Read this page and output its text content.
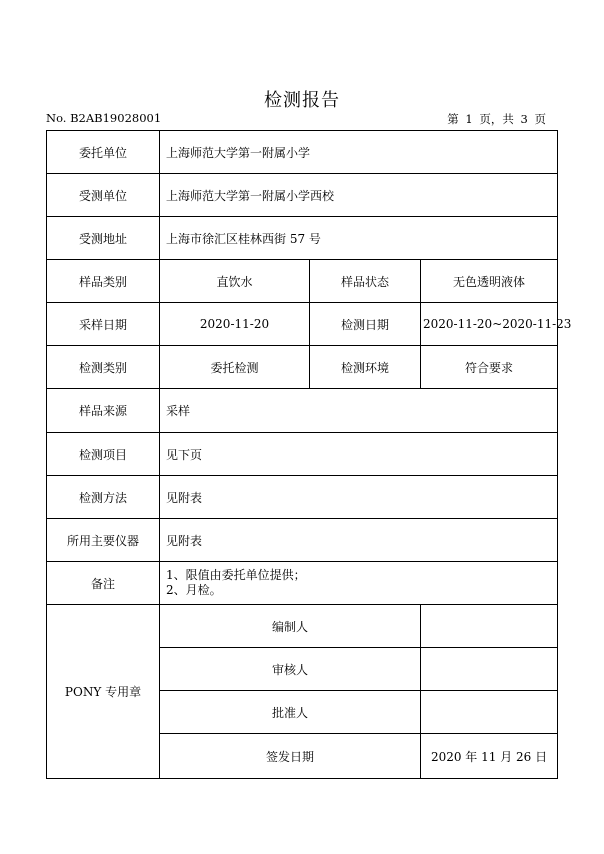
检测报告
No. B2AB19028001	第 1 页，共 3 页
委托单位	上海师范大学第一附属小学		
受测单位	上海师范大学第一附属小学西校		
受测地址	上海市徐汇区桂林西街 57 号		
样品类别	直饮水	样品状态	无色透明液体
采样日期	2020-11-20	检测日期	2020-11-20~2020-11-23
检测类别	委托检测	检测环境	符合要求
样品来源	采样		
检测项目	见下页		
检测方法	见附表		
所用主要仪器	见附表		
备注	1、限值由委托单位提供；
2、月检。		

PONY 专用章	编制人		
	审核人		
	批准人		
	签发日期		2020 年 11 月 26 日
